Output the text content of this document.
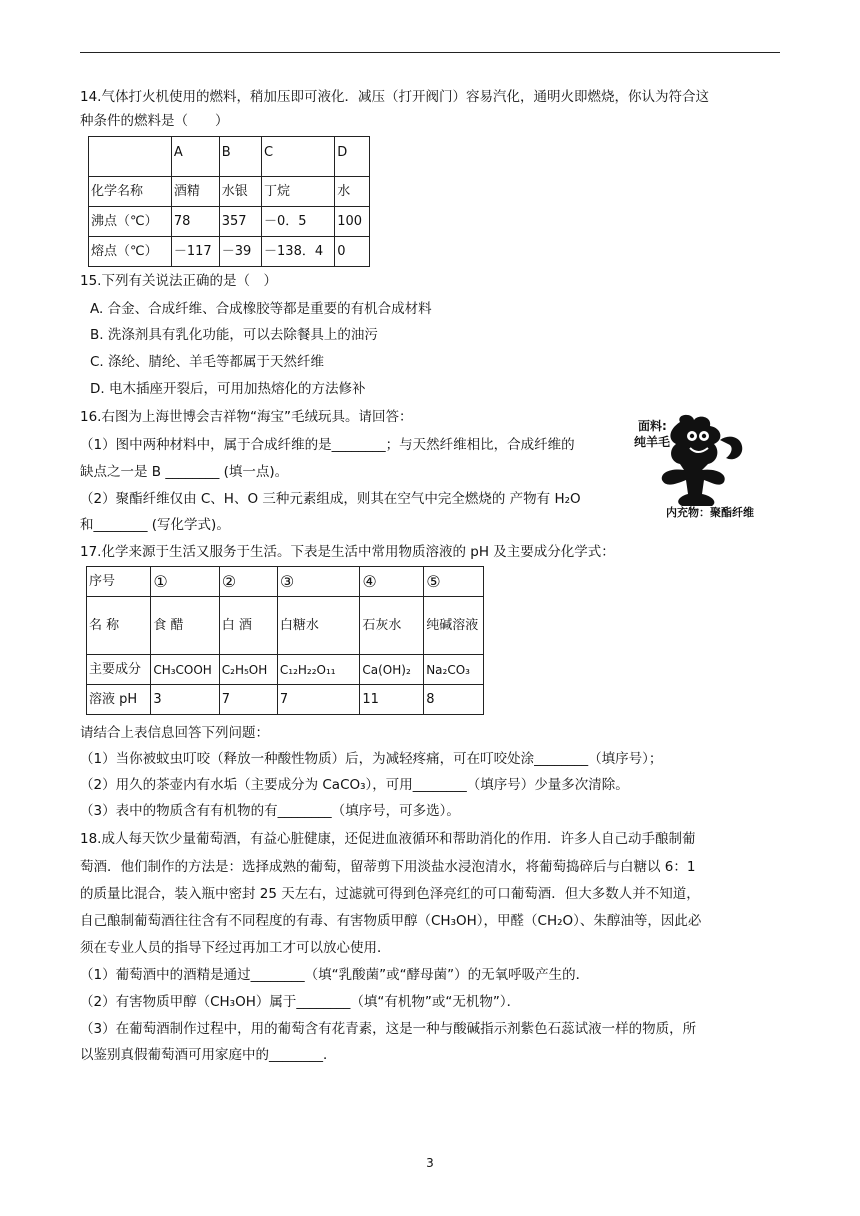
14.气体打火机使用的燃料，稍加压即可液化．减压（打开阀门）容易汽化，通明火即燃烧，你认为符合这
种条件的燃料是（　　）
	A	B	C	D
化学名称	酒精	水银	丁烷	水
沸点（℃）	78	357	－0．5	100
熔点（℃）	－117	－39	－138．4	0
15.下列有关说法正确的是（　）
A. 合金、合成纤维、合成橡胶等都是重要的有机合成材料
B. 洗涤剂具有乳化功能，可以去除餐具上的油污
C. 涤纶、腈纶、羊毛等都属于天然纤维
D. 电木插座开裂后，可用加热熔化的方法修补
16.右图为上海世博会吉祥物“海宝”毛绒玩具。请回答：
（1）图中两种材料中，属于合成纤维的是________；与天然纤维相比，合成纤维的
缺点之一是 B ________ (填一点)。
（2）聚酯纤维仅由 C、H、O 三种元素组成，则其在空气中完全燃烧的 产物有 H₂O
和________ (写化学式)。
面料:
纯羊毛
内充物：聚酯纤维
17.化学来源于生活又服务于生活。下表是生活中常用物质溶液的 pH 及主要成分化学式：
序号	①	②	③	④	⑤
名 称	食 醋	白 酒	白糖水	石灰水	纯碱溶液
主要成分	CH₃COOH	C₂H₅OH	C₁₂H₂₂O₁₁	Ca(OH)₂	Na₂CO₃
溶液 pH	3	7	7	11	8
请结合上表信息回答下列问题：
（1）当你被蚊虫叮咬（释放一种酸性物质）后，为减轻疼痛，可在叮咬处涂________（填序号）；
（2）用久的茶壶内有水垢（主要成分为 CaCO₃），可用________（填序号）少量多次清除。
（3）表中的物质含有有机物的有________（填序号，可多选）。
18.成人每天饮少量葡萄酒，有益心脏健康，还促进血液循环和帮助消化的作用．许多人自己动手酿制葡
萄酒．他们制作的方法是：选择成熟的葡萄，留蒂剪下用淡盐水浸泡清水，将葡萄捣碎后与白糖以 6：1
的质量比混合，装入瓶中密封 25 天左右，过滤就可得到色泽亮红的可口葡萄酒．但大多数人并不知道，
自己酿制葡萄酒往往含有不同程度的有毒、有害物质甲醇（CH₃OH），甲醛（CH₂O）、朱醇油等，因此必
须在专业人员的指导下经过再加工才可以放心使用．
（1）葡萄酒中的酒精是通过________（填“乳酸菌”或“酵母菌”）的无氧呼吸产生的．
（2）有害物质甲醇（CH₃OH）属于________（填“有机物”或“无机物”）．
（3）在葡萄酒制作过程中，用的葡萄含有花青素，这是一种与酸碱指示剂紫色石蕊试液一样的物质，所
以鉴别真假葡萄酒可用家庭中的________．
3
